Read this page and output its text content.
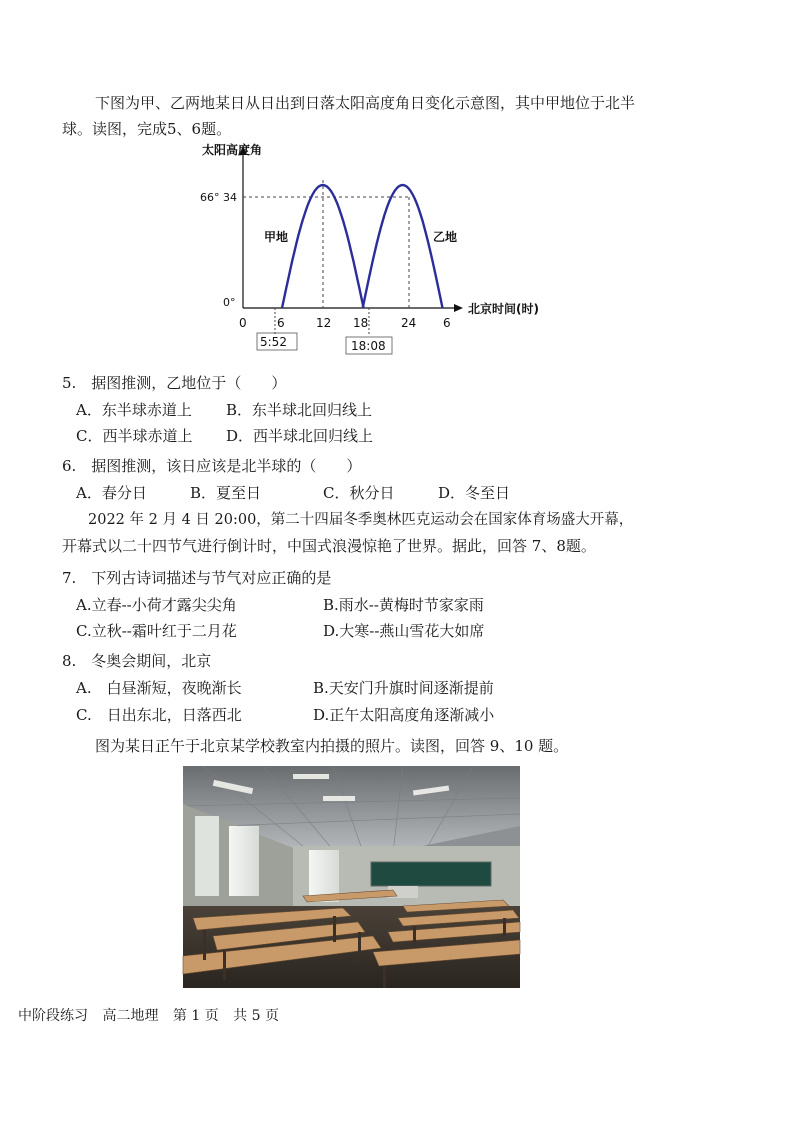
下图为甲、乙两地某日从日出到日落太阳高度角日变化示意图，其中甲地位于北半
球。读图，完成5、6题。
太阳高度角
北京时间(时)
66° 34
0°
甲地	乙地
0	6	12 18	24 6
5:52	18:08
5.　据图推测，乙地位于（　　）
A．东半球赤道上 B．东半球北回归线上
C．西半球赤道上 D．西半球北回归线上
6.　据图推测，该日应该是北半球的（　　）
A．春分日	B．夏至日	C．秋分日	D．冬至日
2022 年 2 月 4 日 20:00，第二十四届冬季奥林匹克运动会在国家体育场盛大开幕，
开幕式以二十四节气进行倒计时，中国式浪漫惊艳了世界。据此，回答 7、8题。
7.　下列古诗词描述与节气对应正确的是
A.立春--小荷才露尖尖角	B.雨水--黄梅时节家家雨
C.立秋--霜叶红于二月花	D.大寒--燕山雪花大如席
8.　冬奥会期间，北京
A.　白昼渐短，夜晚渐长	B.天安门升旗时间逐渐提前
C.　日出东北，日落西北	D.正午太阳高度角逐渐减小
图为某日正午于北京某学校教室内拍摄的照片。读图，回答 9、10 题。
中阶段练习 高二地理 第 1 页 共 5 页
